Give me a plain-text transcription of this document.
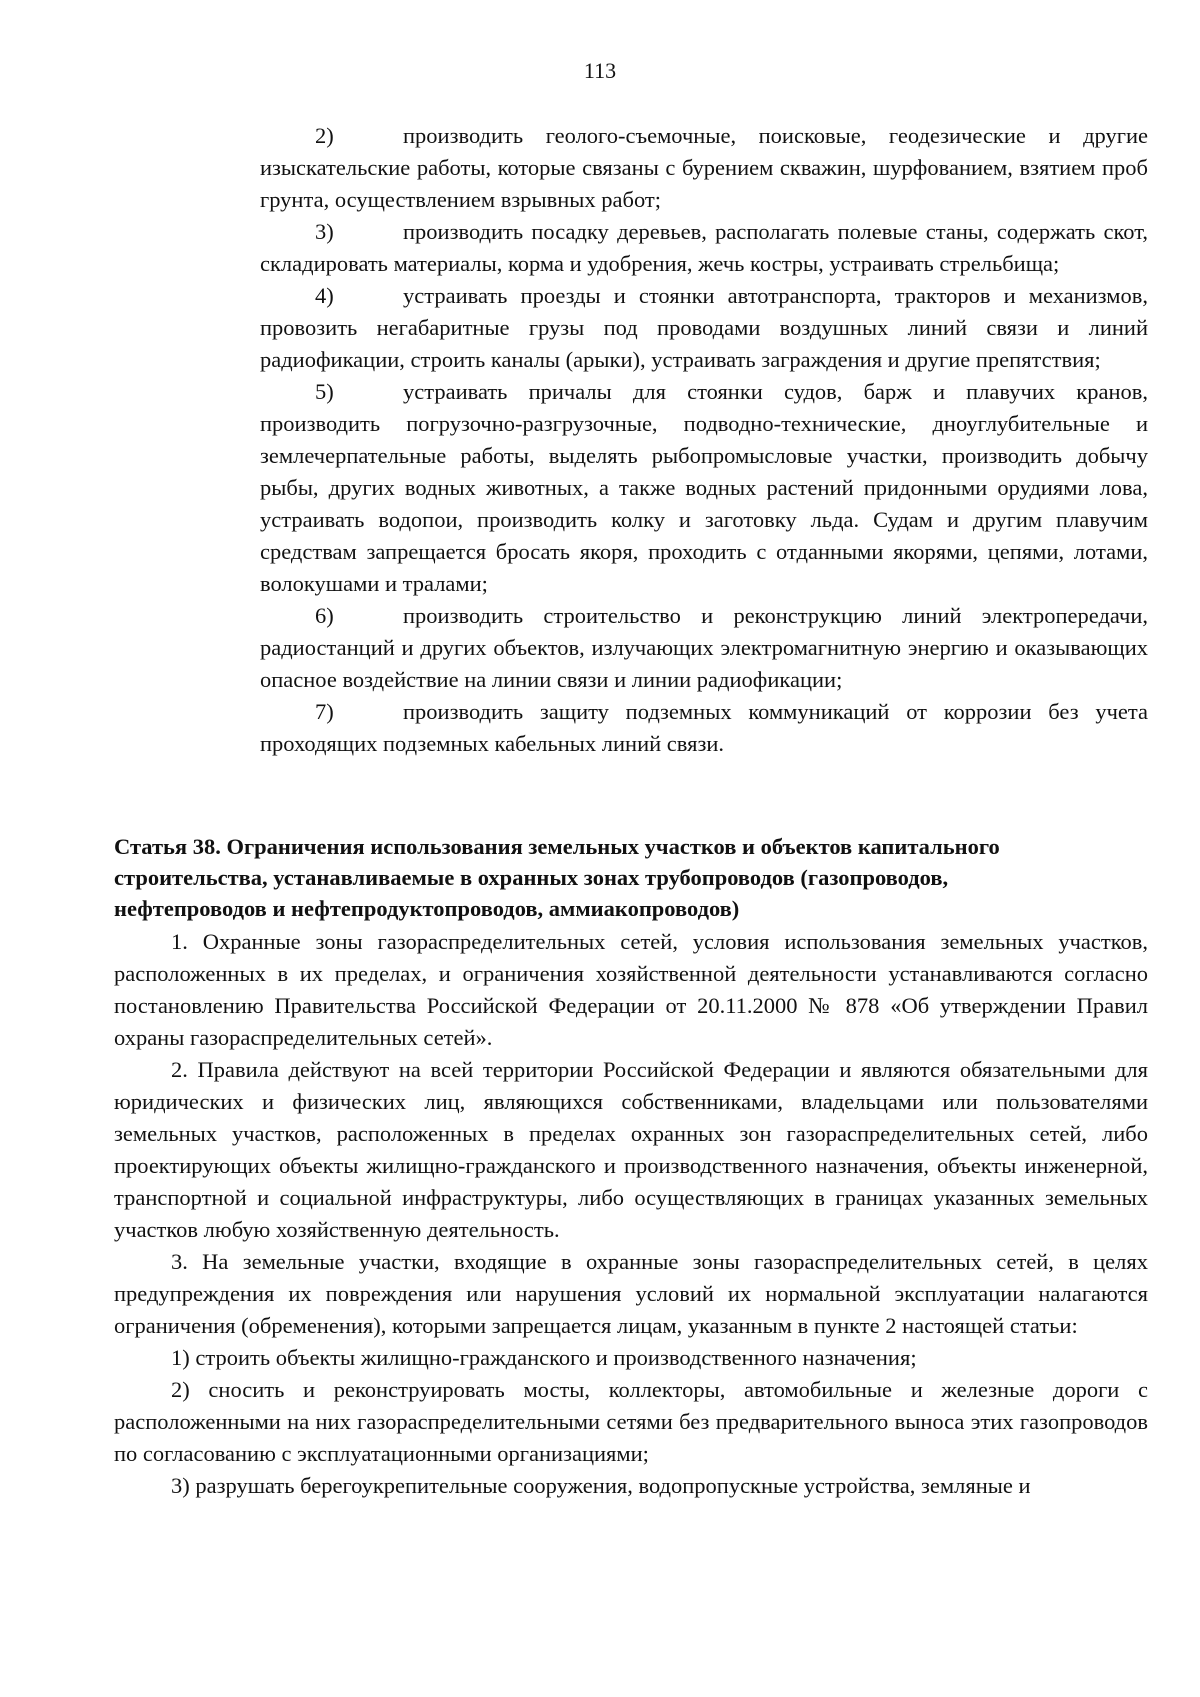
113

2)	производить геолого-съемочные, поисковые, геодезические и другие изыскательские работы, которые связаны с бурением скважин, шурфованием, взятием проб грунта, осуществлением взрывных работ;

3)	производить посадку деревьев, располагать полевые станы, содержать скот, складировать материалы, корма и удобрения, жечь костры, устраивать стрельбища;

4)	устраивать проезды и стоянки автотранспорта, тракторов и механизмов, провозить негабаритные грузы под проводами воздушных линий связи и линий радиофикации, строить каналы (арыки), устраивать заграждения и другие препятствия;

5)	устраивать причалы для стоянки судов, барж и плавучих кранов, производить погрузочно-разгрузочные, подводно-технические, дноуглубительные и землечерпательные работы, выделять рыбопромысловые участки, производить добычу рыбы, других водных животных, а также водных растений придонными орудиями лова, устраивать водопои, производить колку и заготовку льда. Судам и другим плавучим средствам запрещается бросать якоря, проходить с отданными якорями, цепями, лотами, волокушами и тралами;

6)	производить строительство и реконструкцию линий электропередачи, радиостанций и других объектов, излучающих электромагнитную энергию и оказывающих опасное воздействие на линии связи и линии радиофикации;

7)	производить защиту подземных коммуникаций от коррозии без учета проходящих подземных кабельных линий связи.

Статья 38. Ограничения использования земельных участков и объектов капитального строительства, устанавливаемые в охранных зонах трубопроводов (газопроводов, нефтепроводов и нефтепродуктопроводов, аммиакопроводов)

1. Охранные зоны газораспределительных сетей, условия использования земельных участков, расположенных в их пределах, и ограничения хозяйственной деятельности устанавливаются согласно постановлению Правительства Российской Федерации от 20.11.2000 № 878 «Об утверждении Правил охраны газораспределительных сетей».

2. Правила действуют на всей территории Российской Федерации и являются обязательными для юридических и физических лиц, являющихся собственниками, владельцами или пользователями земельных участков, расположенных в пределах охранных зон газораспределительных сетей, либо проектирующих объекты жилищно-гражданского и производственного назначения, объекты инженерной, транспортной и социальной инфраструктуры, либо осуществляющих в границах указанных земельных участков любую хозяйственную деятельность.

3. На земельные участки, входящие в охранные зоны газораспределительных сетей, в целях предупреждения их повреждения или нарушения условий их нормальной эксплуатации налагаются ограничения (обременения), которыми запрещается лицам, указанным в пункте 2 настоящей статьи:

1) строить объекты жилищно-гражданского и производственного назначения;

2) сносить и реконструировать мосты, коллекторы, автомобильные и железные дороги с расположенными на них газораспределительными сетями без предварительного выноса этих газопроводов по согласованию с эксплуатационными организациями;

3) разрушать берегоукрепительные сооружения, водопропускные устройства, земляные и
